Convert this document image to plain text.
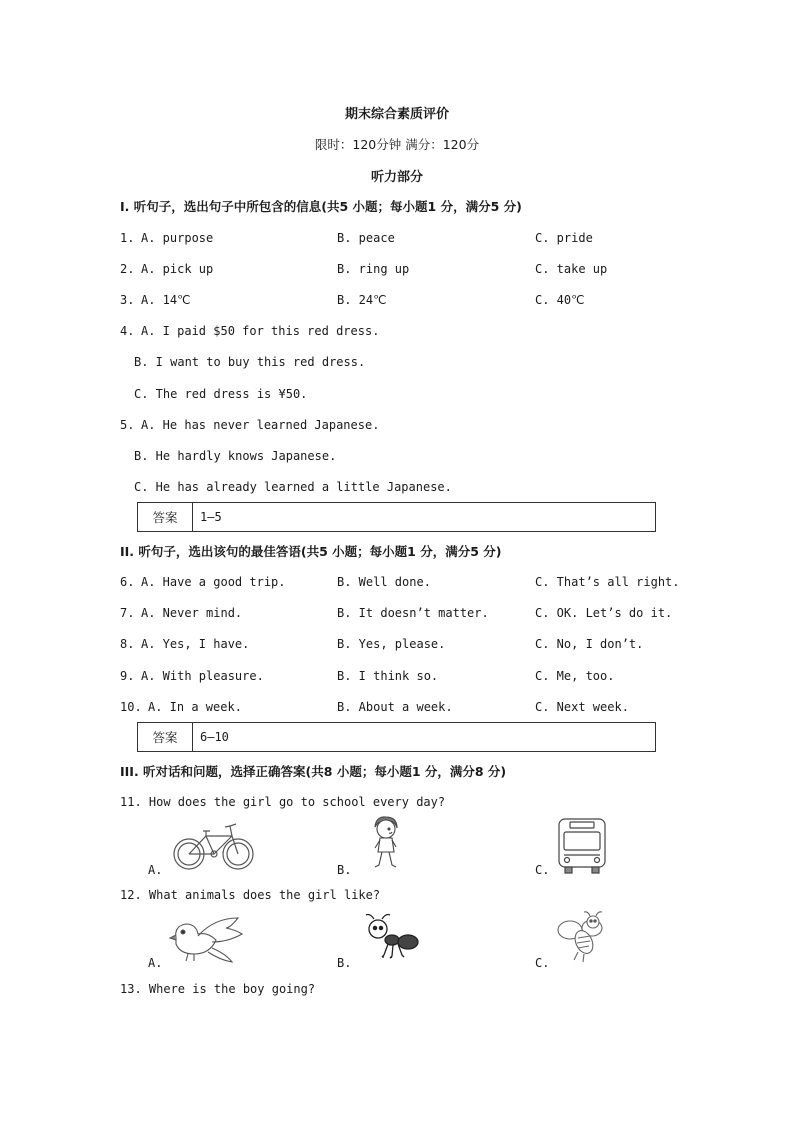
期末综合素质评价
限时：120分钟 满分：120分
听力部分
I. 听句子，选出句子中所包含的信息(共5 小题；每小题1 分，满分5 分)
1. A. purpose	B. peace	C. pride
2. A. pick up	B. ring up	C. take up
3. A. 14℃	B. 24℃	C. 40℃
4. A. I paid $50 for this red dress.
B. I want to buy this red dress.
C. The red dress is ¥50.
5. A. He has never learned Japanese.
B. He hardly knows Japanese.
C. He has already learned a little Japanese.
答案	1—5
II. 听句子，选出该句的最佳答语(共5 小题；每小题1 分，满分5 分)
6. A. Have a good trip.	B. Well done.	C. That’s all right.
7. A. Never mind.	B. It doesn’t matter.	C. OK. Let’s do it.
8. A. Yes, I have.	B. Yes, please.	C. No, I don’t.
9. A. With pleasure.	B. I think so.	C. Me, too.
10. A. In a week.	B. About a week.	C. Next week.
答案	6—10
III. 听对话和问题，选择正确答案(共8 小题；每小题1 分，满分8 分)
11. How does the girl go to school every day?
A.	B.	C.
12. What animals does the girl like?
A.	B.	C.
13. Where is the boy going?
